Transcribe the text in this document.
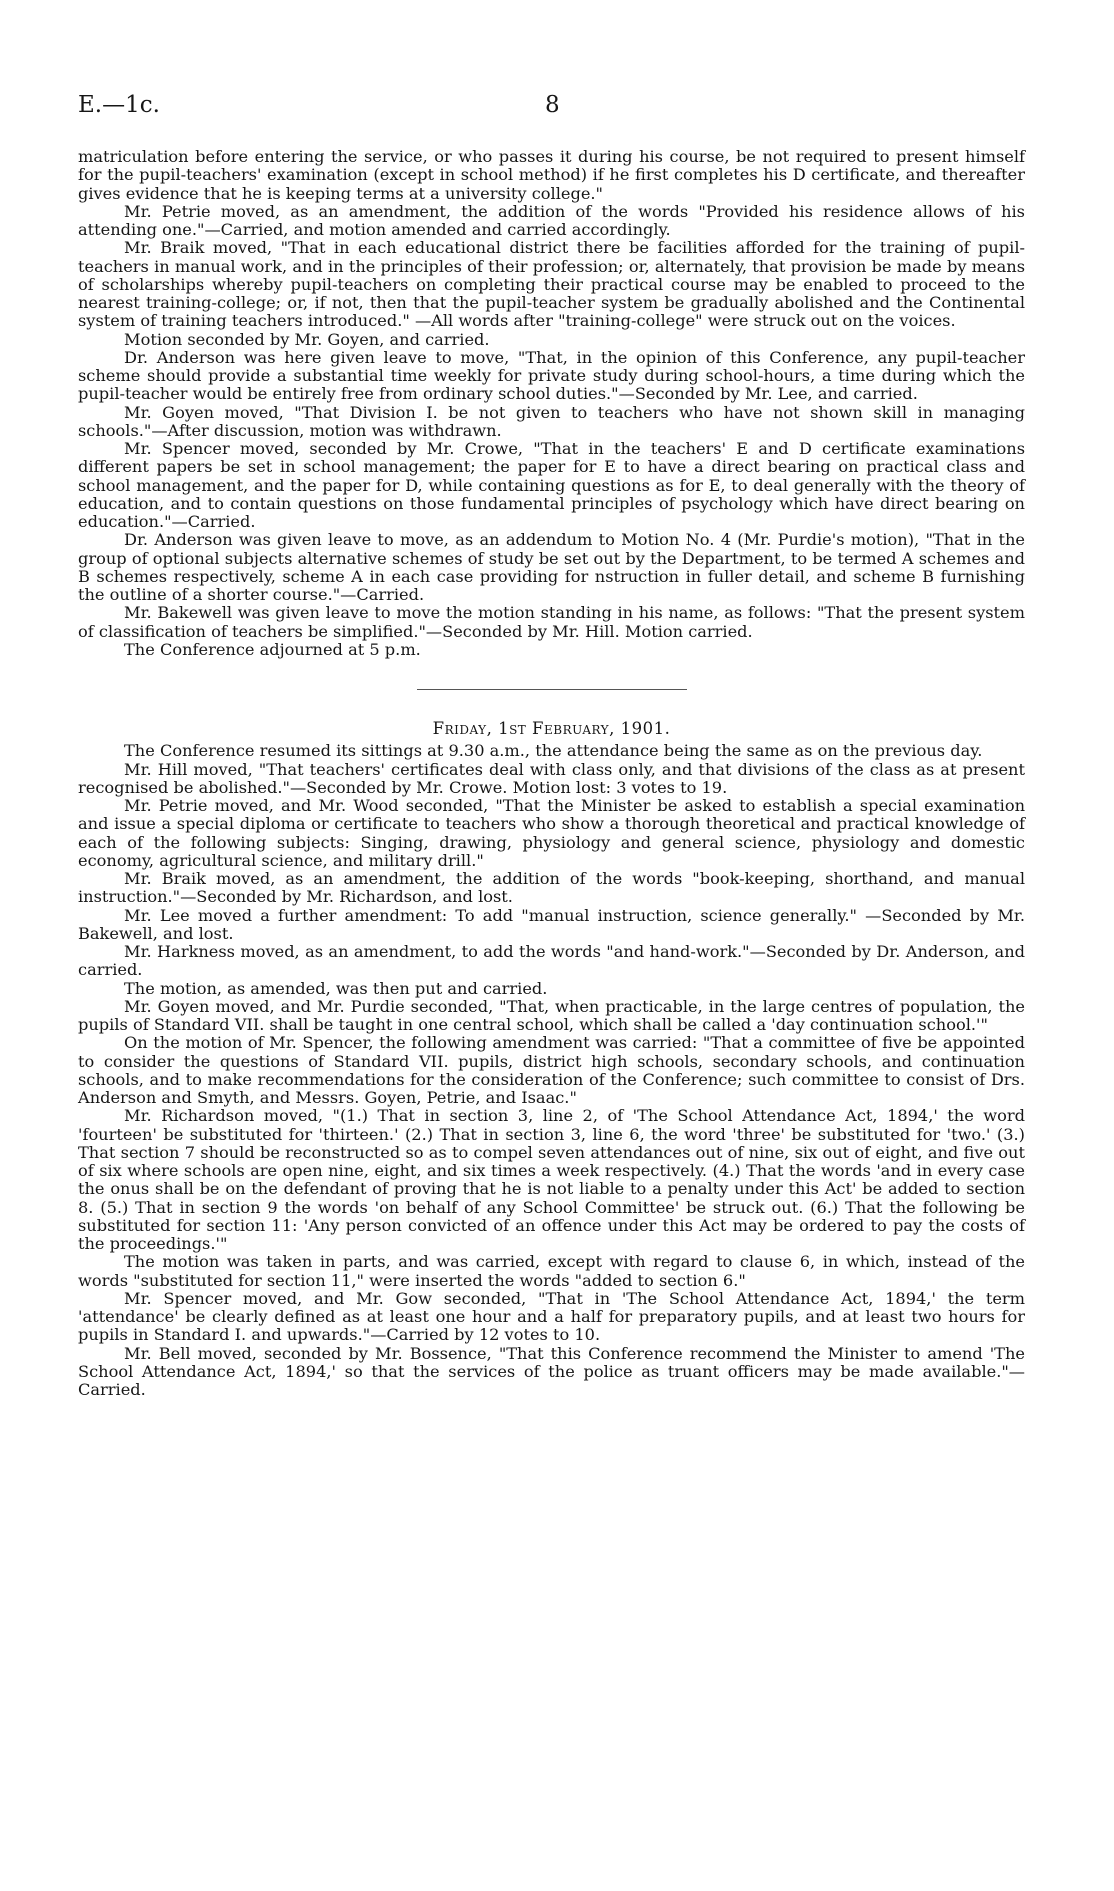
E.—1c.	8

matriculation before entering the service, or who passes it during his course, be not required to present himself for the pupil-teachers' examination (except in school method) if he first completes his D certificate, and thereafter gives evidence that he is keeping terms at a university college."

Mr. Petrie moved, as an amendment, the addition of the words "Provided his residence allows of his attending one."—Carried, and motion amended and carried accordingly.

Mr. Braik moved, "That in each educational district there be facilities afforded for the training of pupil-teachers in manual work, and in the principles of their profession; or, alternately, that provision be made by means of scholarships whereby pupil-teachers on completing their practical course may be enabled to proceed to the nearest training-college; or, if not, then that the pupil-teacher system be gradually abolished and the Continental system of training teachers introduced." —All words after "training-college" were struck out on the voices.

Motion seconded by Mr. Goyen, and carried.

Dr. Anderson was here given leave to move, "That, in the opinion of this Conference, any pupil-teacher scheme should provide a substantial time weekly for private study during school-hours, a time during which the pupil-teacher would be entirely free from ordinary school duties."—Seconded by Mr. Lee, and carried.

Mr. Goyen moved, "That Division I. be not given to teachers who have not shown skill in managing schools."—After discussion, motion was withdrawn.

Mr. Spencer moved, seconded by Mr. Crowe, "That in the teachers' E and D certificate examinations different papers be set in school management; the paper for E to have a direct bearing on practical class and school management, and the paper for D, while containing questions as for E, to deal generally with the theory of education, and to contain questions on those fundamental principles of psychology which have direct bearing on education."—Carried.

Dr. Anderson was given leave to move, as an addendum to Motion No. 4 (Mr. Purdie's motion), "That in the group of optional subjects alternative schemes of study be set out by the Department, to be termed A schemes and B schemes respectively, scheme A in each case providing for nstruction in fuller detail, and scheme B furnishing the outline of a shorter course."—Carried.

Mr. Bakewell was given leave to move the motion standing in his name, as follows: "That the present system of classification of teachers be simplified."—Seconded by Mr. Hill. Motion carried.

The Conference adjourned at 5 p.m.

Friday, 1st February, 1901.

The Conference resumed its sittings at 9.30 a.m., the attendance being the same as on the previous day.

Mr. Hill moved, "That teachers' certificates deal with class only, and that divisions of the class as at present recognised be abolished."—Seconded by Mr. Crowe. Motion lost: 3 votes to 19.

Mr. Petrie moved, and Mr. Wood seconded, "That the Minister be asked to establish a special examination and issue a special diploma or certificate to teachers who show a thorough theoretical and practical knowledge of each of the following subjects: Singing, drawing, physiology and general science, physiology and domestic economy, agricultural science, and military drill."

Mr. Braik moved, as an amendment, the addition of the words "book-keeping, shorthand, and manual instruction."—Seconded by Mr. Richardson, and lost.

Mr. Lee moved a further amendment: To add "manual instruction, science generally." —Seconded by Mr. Bakewell, and lost.

Mr. Harkness moved, as an amendment, to add the words "and hand-work."—Seconded by Dr. Anderson, and carried.

The motion, as amended, was then put and carried.

Mr. Goyen moved, and Mr. Purdie seconded, "That, when practicable, in the large centres of population, the pupils of Standard VII. shall be taught in one central school, which shall be called a 'day continuation school.'"

On the motion of Mr. Spencer, the following amendment was carried: "That a committee of five be appointed to consider the questions of Standard VII. pupils, district high schools, secondary schools, and continuation schools, and to make recommendations for the consideration of the Conference; such committee to consist of Drs. Anderson and Smyth, and Messrs. Goyen, Petrie, and Isaac."

Mr. Richardson moved, "(1.) That in section 3, line 2, of 'The School Attendance Act, 1894,' the word 'fourteen' be substituted for 'thirteen.' (2.) That in section 3, line 6, the word 'three' be substituted for 'two.' (3.) That section 7 should be reconstructed so as to compel seven attendances out of nine, six out of eight, and five out of six where schools are open nine, eight, and six times a week respectively. (4.) That the words 'and in every case the onus shall be on the defendant of proving that he is not liable to a penalty under this Act' be added to section 8. (5.) That in section 9 the words 'on behalf of any School Committee' be struck out. (6.) That the following be substituted for section 11: 'Any person convicted of an offence under this Act may be ordered to pay the costs of the proceedings.'"

The motion was taken in parts, and was carried, except with regard to clause 6, in which, instead of the words "substituted for section 11," were inserted the words "added to section 6."

Mr. Spencer moved, and Mr. Gow seconded, "That in 'The School Attendance Act, 1894,' the term 'attendance' be clearly defined as at least one hour and a half for preparatory pupils, and at least two hours for pupils in Standard I. and upwards."—Carried by 12 votes to 10.

Mr. Bell moved, seconded by Mr. Bossence, "That this Conference recommend the Minister to amend 'The School Attendance Act, 1894,' so that the services of the police as truant officers may be made available."—Carried.
